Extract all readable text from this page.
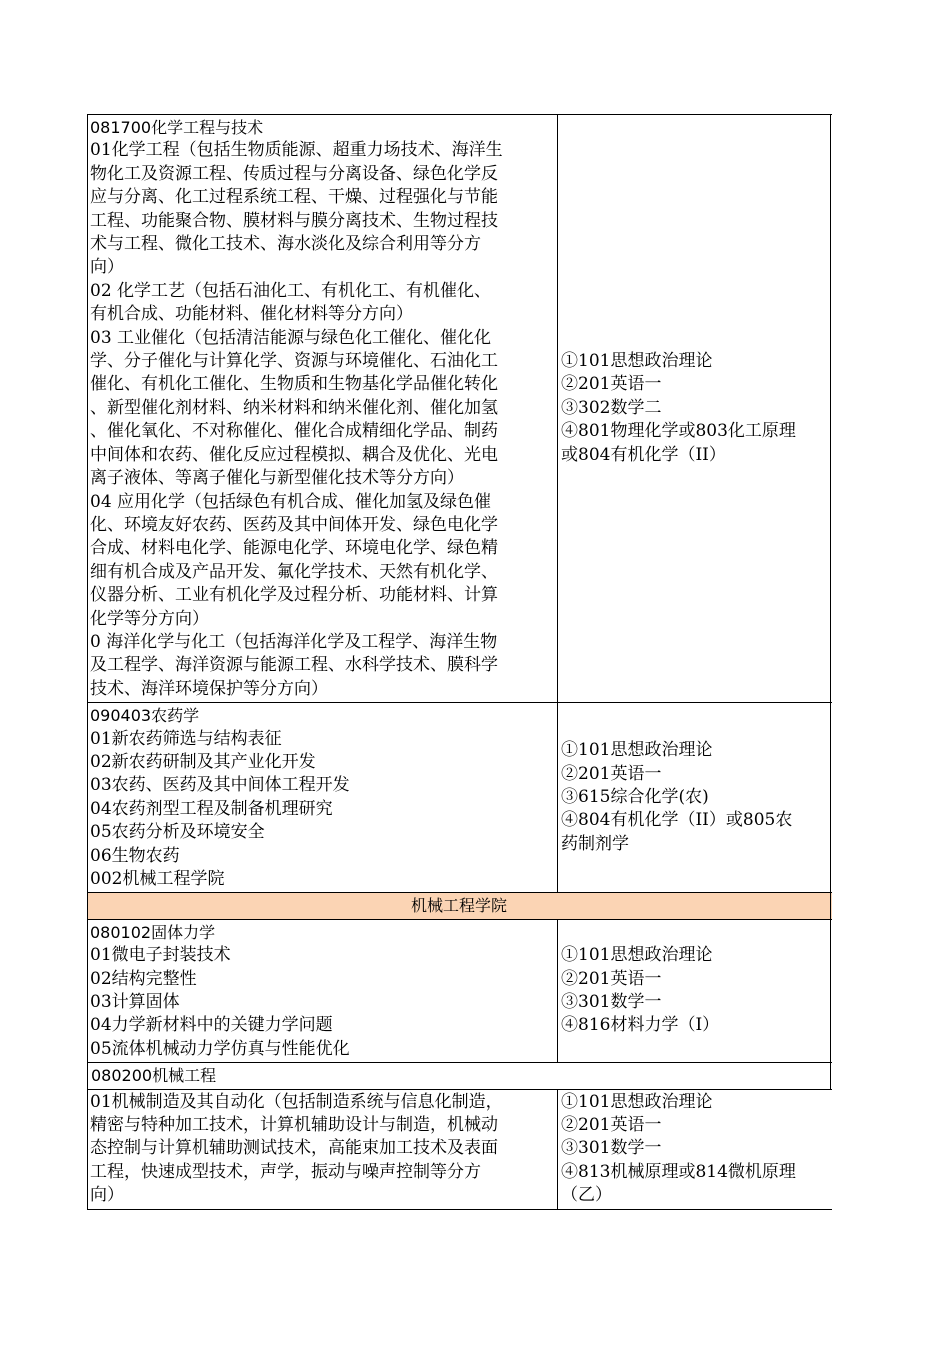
081700化学工程与技术
01化学工程（包括生物质能源、超重力场技术、海洋生
物化工及资源工程、传质过程与分离设备、绿色化学反
应与分离、化工过程系统工程、干燥、过程强化与节能
工程、功能聚合物、膜材料与膜分离技术、生物过程技
术与工程、微化工技术、海水淡化及综合利用等分方
向）
02 化学工艺（包括石油化工、有机化工、有机催化、
有机合成、功能材料、催化材料等分方向）
03 工业催化（包括清洁能源与绿色化工催化、催化化
学、分子催化与计算化学、资源与环境催化、石油化工
催化、有机化工催化、生物质和生物基化学品催化转化
、新型催化剂材料、纳米材料和纳米催化剂、催化加氢
、催化氧化、不对称催化、催化合成精细化学品、制药
中间体和农药、催化反应过程模拟、耦合及优化、光电
离子液体、等离子催化与新型催化技术等分方向）
04 应用化学（包括绿色有机合成、催化加氢及绿色催
化、环境友好农药、医药及其中间体开发、绿色电化学
合成、材料电化学、能源电化学、环境电化学、绿色精
细有机合成及产品开发、氟化学技术、天然有机化学、
仪器分析、工业有机化学及过程分析、功能材料、计算
化学等分方向）
0 海洋化学与化工（包括海洋化学及工程学、海洋生物
及工程学、海洋资源与能源工程、水科学技术、膜科学
技术、海洋环境保护等分方向）
①101思想政治理论
②201英语一
③302数学二
④801物理化学或803化工原理
或804有机化学（II）
090403农药学
01新农药筛选与结构表征
02新农药研制及其产业化开发
03农药、医药及其中间体工程开发
04农药剂型工程及制备机理研究
05农药分析及环境安全
06生物农药
002机械工程学院
①101思想政治理论
②201英语一
③615综合化学(农)
④804有机化学（II）或805农
药制剂学
机械工程学院
080102固体力学
01微电子封装技术
02结构完整性
03计算固体
04力学新材料中的关键力学问题
05流体机械动力学仿真与性能优化
①101思想政治理论
②201英语一
③301数学一
④816材料力学（I）
080200机械工程
01机械制造及其自动化（包括制造系统与信息化制造，
精密与特种加工技术，计算机辅助设计与制造，机械动
态控制与计算机辅助测试技术，高能束加工技术及表面
工程，快速成型技术，声学，振动与噪声控制等分方
向）
①101思想政治理论
②201英语一
③301数学一
④813机械原理或814微机原理
（乙）
